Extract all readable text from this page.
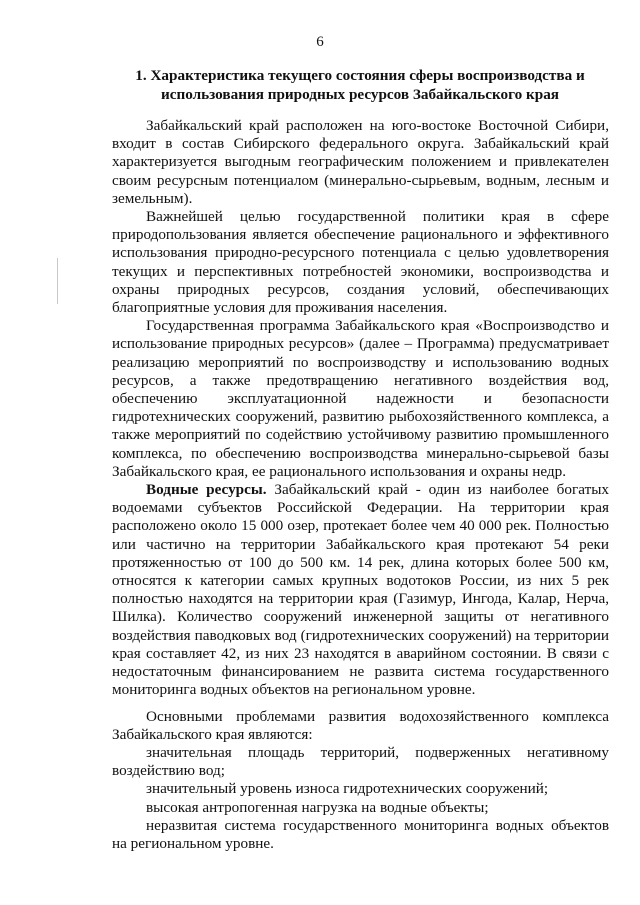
6
1. Характеристика текущего состояния сферы воспроизводства и
использования природных ресурсов Забайкальского края

Забайкальский край расположен на юго-востоке Восточной Сибири, входит в состав Сибирского федерального округа. Забайкальский край характеризуется выгодным географическим положением и привлекателен своим ресурсным потенциалом (минерально-сырьевым, водным, лесным и земельным).

Важнейшей целью государственной политики края в сфере природопользования является обеспечение рационального и эффективного использования природно-ресурсного потенциала с целью удовлетворения текущих и перспективных потребностей экономики, воспроизводства и охраны природных ресурсов, создания условий, обеспечивающих благоприятные условия для проживания населения.

Государственная программа Забайкальского края «Воспроизводство и использование природных ресурсов» (далее – Программа) предусматривает реализацию мероприятий по воспроизводству и использованию водных ресурсов, а также предотвращению негативного воздействия вод, обеспечению эксплуатационной надежности и безопасности гидротехнических сооружений, развитию рыбохозяйственного комплекса, а также мероприятий по содействию устойчивому развитию промышленного комплекса, по обеспечению воспроизводства минерально-сырьевой базы Забайкальского края, ее рационального использования и охраны недр.

Водные ресурсы. Забайкальский край - один из наиболее богатых водоемами субъектов Российской Федерации. На территории края расположено около 15 000 озер, протекает более чем 40 000 рек. Полностью или частично на территории Забайкальского края протекают 54 реки протяженностью от 100 до 500 км. 14 рек, длина которых более 500 км, относятся к категории самых крупных водотоков России, из них 5 рек полностью находятся на территории края (Газимур, Ингода, Калар, Нерча, Шилка). Количество сооружений инженерной защиты от негативного воздействия паводковых вод (гидротехнических сооружений) на территории края составляет 42, из них 23 находятся в аварийном состоянии. В связи с недостаточным финансированием не развита система государственного мониторинга водных объектов на региональном уровне.

Основными проблемами развития водохозяйственного комплекса Забайкальского края являются:

значительная площадь территорий, подверженных негативному воздействию вод;

значительный уровень износа гидротехнических сооружений;

высокая антропогенная нагрузка на водные объекты;

неразвитая система государственного мониторинга водных объектов на региональном уровне.
